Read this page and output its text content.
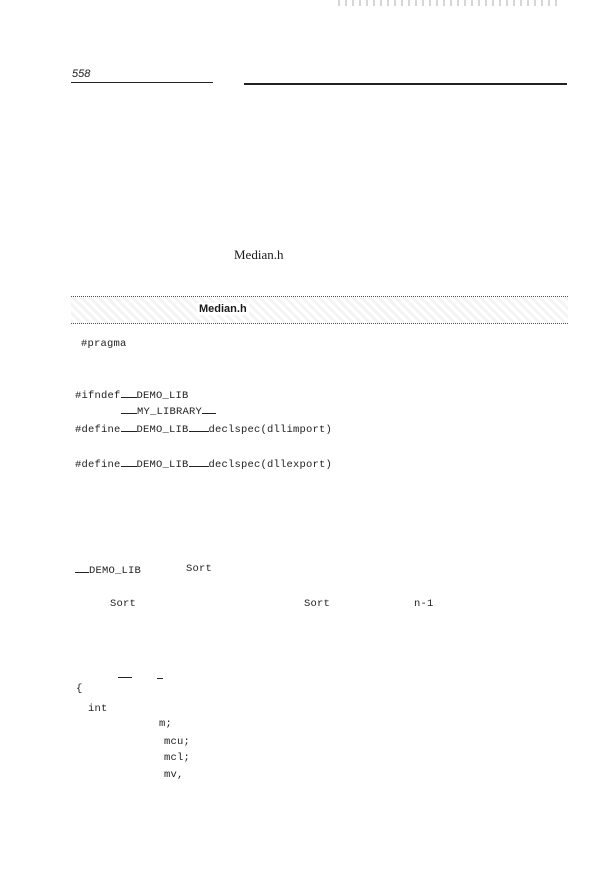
558
Median.h
Median.h
#pragma
#ifndef DEMO_LIB
MY_LIBRARY
#define DEMO_LIB declspec(dllimport)
#define DEMO_LIB declspec(dllexport)
DEMO_LIB	Sort
Sort	Sort	n-1
{
int
m;
mcu;
mcl;
mv,
